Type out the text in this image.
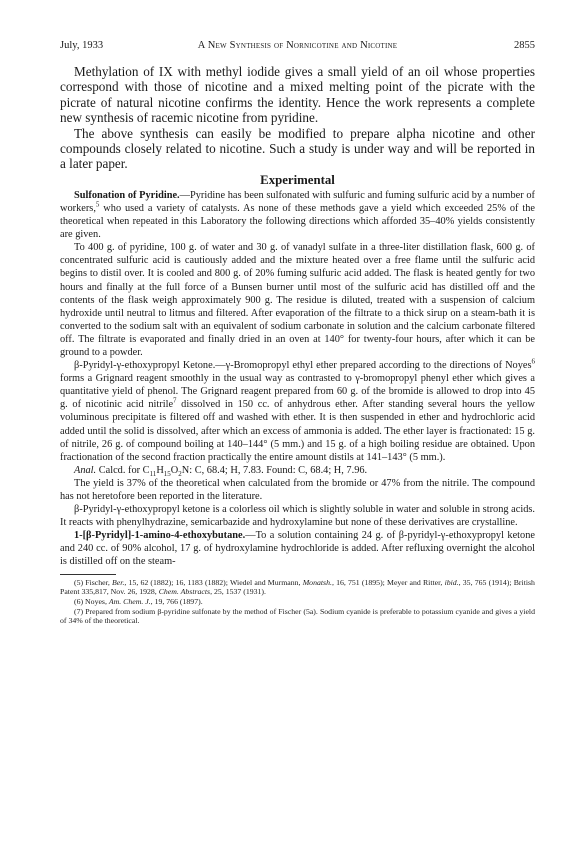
July, 1933	A New Synthesis of Nornicotine and Nicotine	2855

Methylation of IX with methyl iodide gives a small yield of an oil whose properties correspond with those of nicotine and a mixed melting point of the picrate with the picrate of natural nicotine confirms the identity. Hence the work represents a complete new synthesis of racemic nicotine from pyridine.

The above synthesis can easily be modified to prepare alpha nicotine and other compounds closely related to nicotine. Such a study is under way and will be reported in a later paper.

Experimental

Sulfonation of Pyridine.—Pyridine has been sulfonated with sulfuric and fuming sulfuric acid by a number of workers,$^5$ who used a variety of catalysts. As none of these methods gave a yield which exceeded 25% of the theoretical when repeated in this Laboratory the following directions which afforded 35–40% yields consistently are given.

To 400 g. of pyridine, 100 g. of water and 30 g. of vanadyl sulfate in a three-liter distillation flask, 600 g. of concentrated sulfuric acid is cautiously added and the mixture heated over a free flame until the sulfuric acid begins to distil over. It is cooled and 800 g. of 20% fuming sulfuric acid added. The flask is heated gently for two hours and finally at the full force of a Bunsen burner until most of the sulfuric acid has distilled off and the contents of the flask weigh approximately 900 g. The residue is diluted, treated with a suspension of calcium hydroxide until neutral to litmus and filtered. After evaporation of the filtrate to a thick sirup on a steam-bath it is converted to the sodium salt with an equivalent of sodium carbonate in solution and the calcium carbonate filtered off. The filtrate is evaporated and finally dried in an oven at 140° for twenty-four hours, after which it can be ground to a powder.

β-Pyridyl-γ-ethoxypropyl Ketone.—γ-Bromopropyl ethyl ether prepared according to the directions of Noyes$^6$ forms a Grignard reagent smoothly in the usual way as contrasted to γ-bromopropyl phenyl ether which gives a quantitative yield of phenol. The Grignard reagent prepared from 60 g. of the bromide is allowed to drop into 45 g. of nicotinic acid nitrile$^7$ dissolved in 150 cc. of anhydrous ether. After standing several hours the yellow voluminous precipitate is filtered off and washed with ether. It is then suspended in ether and hydrochloric acid added until the solid is dissolved, after which an excess of ammonia is added. The ether layer is fractionated: 15 g. of nitrile, 26 g. of compound boiling at 140–144° (5 mm.) and 15 g. of a high boiling residue are obtained. Upon fractionation of the second fraction practically the entire amount distils at 141–143° (5 mm.).

Anal. Calcd. for $C_{11}H_{15}O_2N$: C, 68.4; H, 7.83. Found: C, 68.4; H, 7.96.

The yield is 37% of the theoretical when calculated from the bromide or 47% from the nitrile. The compound has not heretofore been reported in the literature.

β-Pyridyl-γ-ethoxypropyl ketone is a colorless oil which is slightly soluble in water and soluble in strong acids. It reacts with phenylhydrazine, semicarbazide and hydroxylamine but none of these derivatives are crystalline.

1-[β-Pyridyl]-1-amino-4-ethoxybutane.—To a solution containing 24 g. of β-pyridyl-γ-ethoxypropyl ketone and 240 cc. of 90% alcohol, 17 g. of hydroxylamine hydrochloride is added. After refluxing overnight the alcohol is distilled off on the steam-

(5) Fischer, Ber., 15, 62 (1882); 16, 1183 (1882); Wiedel and Murmann, Monatsh., 16, 751 (1895); Meyer and Ritter, ibid., 35, 765 (1914); British Patent 335,817, Nov. 26, 1928, Chem. Abstracts, 25, 1537 (1931).

(6) Noyes, Am. Chem. J., 19, 766 (1897).

(7) Prepared from sodium β-pyridine sulfonate by the method of Fischer (5a). Sodium cyanide is preferable to potassium cyanide and gives a yield of 34% of the theoretical.
